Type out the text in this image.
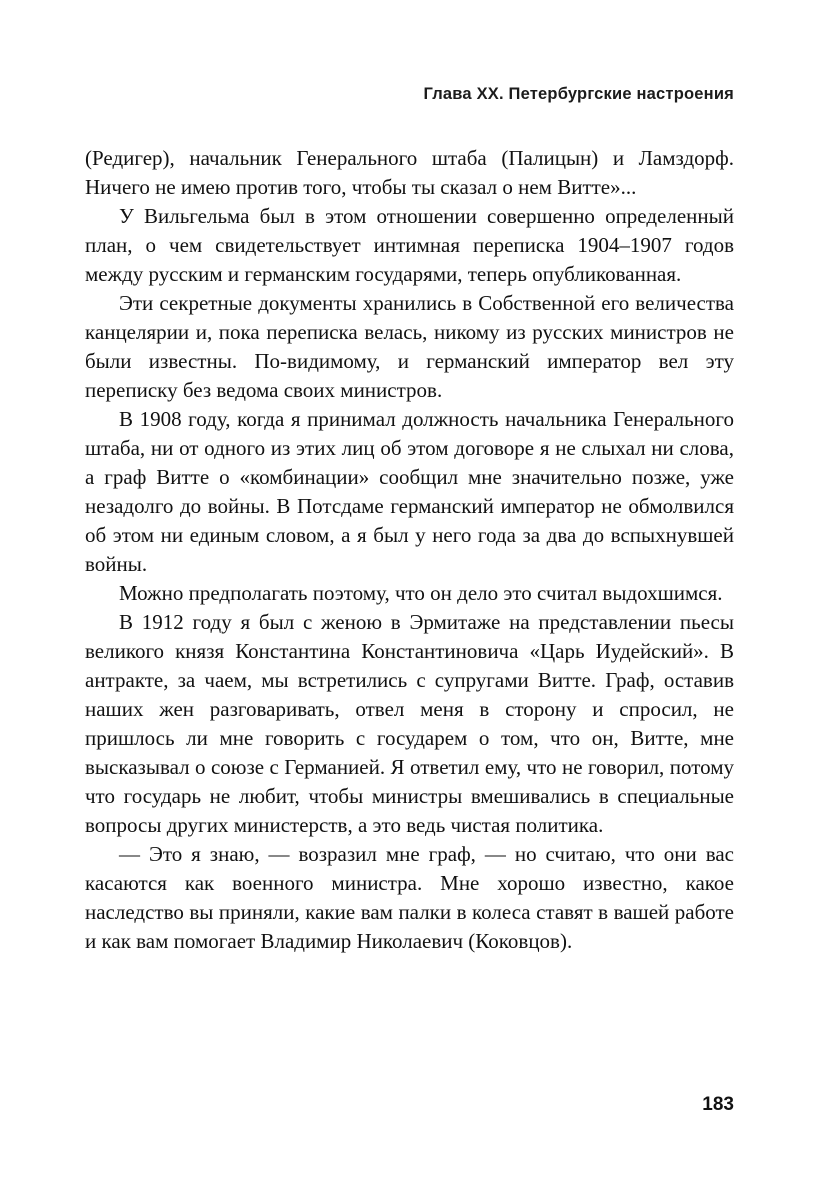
Глава XX. Петербургские настроения

(Редигер), начальник Генерального штаба (Палицын) и Ламздорф. Ничего не имею против того, чтобы ты сказал о нем Витте»...

У Вильгельма был в этом отношении совершенно определенный план, о чем свидетельствует интимная переписка 1904–1907 годов между русским и германским государями, теперь опубликованная.

Эти секретные документы хранились в Собственной его величества канцелярии и, пока переписка велась, никому из русских министров не были известны. По-видимому, и германский император вел эту переписку без ведома своих министров.

В 1908 году, когда я принимал должность начальника Генерального штаба, ни от одного из этих лиц об этом договоре я не слыхал ни слова, а граф Витте о «комбинации» сообщил мне значительно позже, уже незадолго до войны. В Потсдаме германский император не обмолвился об этом ни единым словом, а я был у него года за два до вспыхнувшей войны.

Можно предполагать поэтому, что он дело это считал выдохшимся.

В 1912 году я был с женою в Эрмитаже на представлении пьесы великого князя Константина Константиновича «Царь Иудейский». В антракте, за чаем, мы встретились с супругами Витте. Граф, оставив наших жен разговаривать, отвел меня в сторону и спросил, не пришлось ли мне говорить с государем о том, что он, Витте, мне высказывал о союзе с Германией. Я ответил ему, что не говорил, потому что государь не любит, чтобы министры вмешивались в специальные вопросы других министерств, а это ведь чистая политика.

— Это я знаю, — возразил мне граф, — но считаю, что они вас касаются как военного министра. Мне хорошо известно, какое наследство вы приняли, какие вам палки в колеса ставят в вашей работе и как вам помогает Владимир Николаевич (Коковцов).

183
